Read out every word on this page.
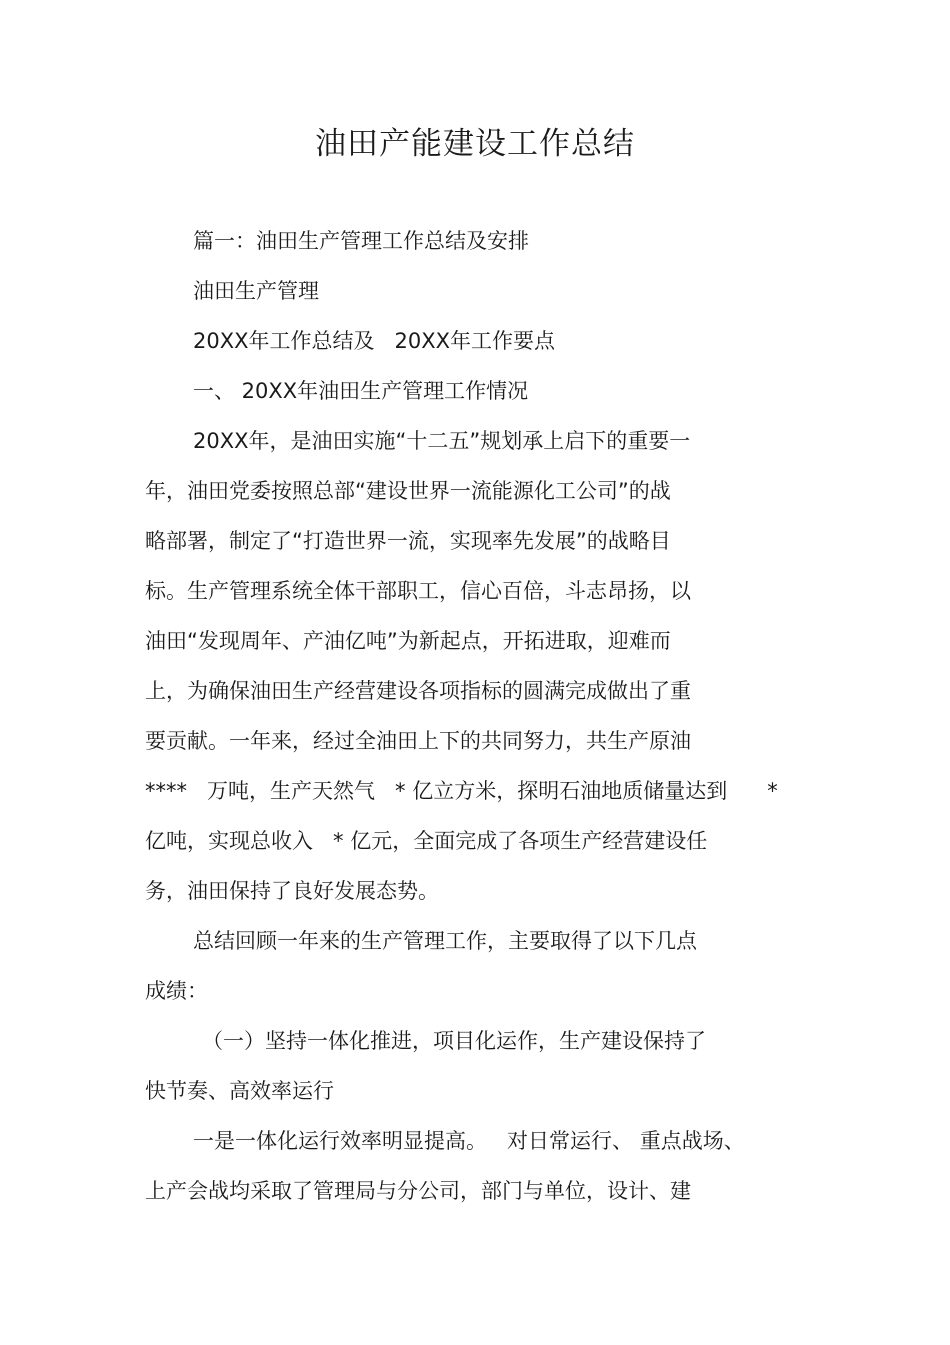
油田产能建设工作总结
篇一：油田生产管理工作总结及安排
油田生产管理
20XX年工作总结及   20XX年工作要点
一、 20XX年油田生产管理工作情况
20XX年，是油田实施“十二五”规划承上启下的重要一
年，油田党委按照总部“建设世界一流能源化工公司”的战
略部署，制定了“打造世界一流，实现率先发展”的战略目
标。生产管理系统全体干部职工，信心百倍，斗志昂扬，以
油田“发现周年、产油亿吨”为新起点，开拓进取，迎难而
上，为确保油田生产经营建设各项指标的圆满完成做出了重
要贡献。一年来，经过全油田上下的共同努力，共生产原油
****   万吨，生产天然气   * 亿立方米，探明石油地质储量达到      *
亿吨，实现总收入   * 亿元，全面完成了各项生产经营建设任
务，油田保持了良好发展态势。
总结回顾一年来的生产管理工作，主要取得了以下几点
成绩：
（一）坚持一体化推进，项目化运作，生产建设保持了
快节奏、高效率运行
一是一体化运行效率明显提高。   对日常运行、 重点战场、
上产会战均采取了管理局与分公司，部门与单位，设计、建
